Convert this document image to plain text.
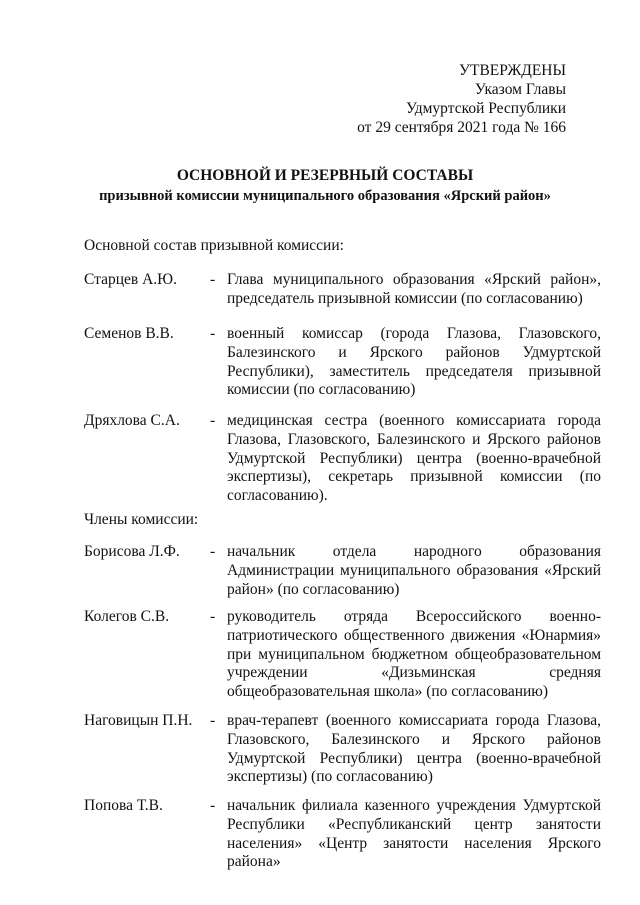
УТВЕРЖДЕНЫ
Указом Главы
Удмуртской Республики
от 29 сентября 2021 года № 166
ОСНОВНОЙ И РЕЗЕРВНЫЙ СОСТАВЫ
призывной комиссии муниципального образования «Ярский район»
Основной состав призывной комиссии:
Старцев А.Ю. - Глава муниципального образования «Ярский район», председатель призывной комиссии (по согласованию)
Семенов В.В. - военный комиссар (города Глазова, Глазовского, Балезинского и Ярского районов Удмуртской Республики), заместитель председателя призывной комиссии (по согласованию)
Дряхлова С.А. - медицинская сестра (военного комиссариата города Глазова, Глазовского, Балезинского и Ярского районов Удмуртской Республики) центра (военно-врачебной экспертизы), секретарь призывной комиссии (по согласованию).
Члены комиссии:
Борисова Л.Ф. - начальник отдела народного образования Администрации муниципального образования «Ярский район» (по согласованию)
Колегов С.В.	- руководитель отряда Всероссийского военно-патриотического общественного движения «Юнармия» при муниципальном бюджетном общеобразовательном учреждении «Дизьминская средняя общеобразовательная школа» (по согласованию)
Наговицын П.Н. - врач-терапевт (военного комиссариата города Глазова, Глазовского, Балезинского и Ярского районов Удмуртской Республики) центра (военно-врачебной экспертизы) (по согласованию)
Попова Т.В.	- начальник филиала казенного учреждения Удмуртской Республики «Республиканский центр занятости населения» «Центр занятости населения Ярского района»
